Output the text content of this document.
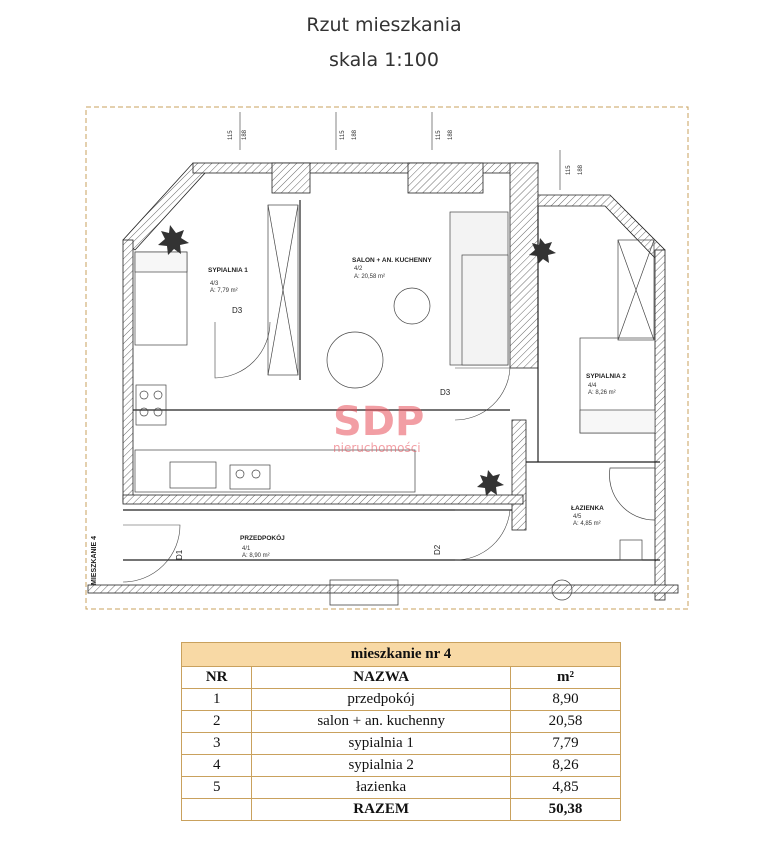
Rzut mieszkania
skala 1:100
115 188	115 188	115 188
115 188
SYPIALNIA 1
4/3
A: 7,79 m²
SALON + AN. KUCHENNY
4/2
A: 20,58 m²
SYPIALNIA 2
4/4
A: 8,26 m²
ŁAZIENKA
4/5
A: 4,85 m²
PRZEDPOKÓJ
4/1
A: 8,90 m²
D3
D3
D2
D1
MIESZKANIE 4
SDP
nieruchomości
mieszkanie nr 4		
NR	NAZWA	m²
1	przedpokój	8,90
2	salon + an. kuchenny	20,58
3	sypialnia 1	7,79
4	sypialnia 2	8,26
5	łazienka	4,85
	RAZEM	50,38
